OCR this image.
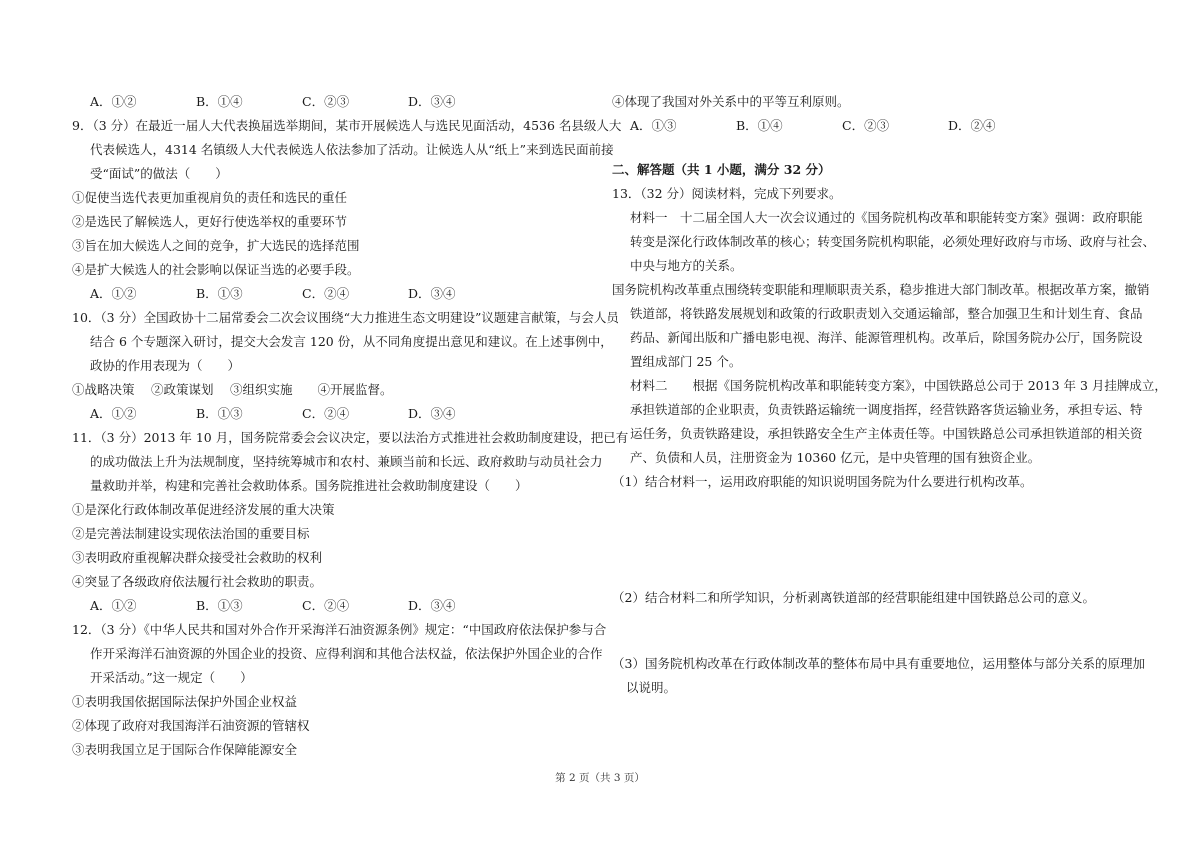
A．①②	B．①④	C．②③	D．③④
9．（3 分）在最近一届人大代表换届选举期间，某市开展候选人与选民见面活动，4536 名县级人大
代表候选人，4314 名镇级人大代表候选人依法参加了活动。让候选人从“纸上”来到选民面前接
受“面试”的做法（　　）
①促使当选代表更加重视肩负的责任和选民的重任
②是选民了解候选人，更好行使选举权的重要环节
③旨在加大候选人之间的竞争，扩大选民的选择范围
④是扩大候选人的社会影响以保证当选的必要手段。
A．①②	B．①③	C．②④	D．③④
10．（3 分）全国政协十二届常委会二次会议围绕“大力推进生态文明建设”议题建言献策，与会人员
结合 6 个专题深入研讨，提交大会发言 120 份，从不同角度提出意见和建议。在上述事例中，
政协的作用表现为（　　）
①战略决策　 ②政策谋划　 ③组织实施　　④开展监督。
A．①②	B．①③	C．②④	D．③④
11．（3 分）2013 年 10 月，国务院常委会会议决定，要以法治方式推进社会救助制度建设，把已有
的成功做法上升为法规制度，坚持统筹城市和农村、兼顾当前和长远、政府救助与动员社会力
量救助并举，构建和完善社会救助体系。国务院推进社会救助制度建设（　　）
①是深化行政体制改革促进经济发展的重大决策
②是完善法制建设实现依法治国的重要目标
③表明政府重视解决群众接受社会救助的权利
④突显了各级政府依法履行社会救助的职责。
A．①②	B．①③	C．②④	D．③④
12．（3 分）《中华人民共和国对外合作开采海洋石油资源条例》规定：“中国政府依法保护参与合
作开采海洋石油资源的外国企业的投资、应得利润和其他合法权益，依法保护外国企业的合作
开采活动。”这一规定（　　）
①表明我国依据国际法保护外国企业权益
②体现了政府对我国海洋石油资源的管辖权
③表明我国立足于国际合作保障能源安全
④体现了我国对外关系中的平等互利原则。
A．①③	B．①④	C．②③	D．②④
二、解答题（共 1 小题，满分 32 分）
13．（32 分）阅读材料，完成下列要求。
材料一　十二届全国人大一次会议通过的《国务院机构改革和职能转变方案》强调：政府职能
转变是深化行政体制改革的核心；转变国务院机构职能，必须处理好政府与市场、政府与社会、
中央与地方的关系。
国务院机构改革重点围绕转变职能和理顺职责关系，稳步推进大部门制改革。根据改革方案，撤销
铁道部，将铁路发展规划和政策的行政职责划入交通运输部，整合加强卫生和计划生育、食品
药品、新闻出版和广播电影电视、海洋、能源管理机构。改革后，除国务院办公厅，国务院设
置组成部门 25 个。
材料二　　根据《国务院机构改革和职能转变方案》，中国铁路总公司于 2013 年 3 月挂牌成立，
承担铁道部的企业职责，负责铁路运输统一调度指挥，经营铁路客货运输业务，承担专运、特
运任务，负责铁路建设，承担铁路安全生产主体责任等。中国铁路总公司承担铁道部的相关资
产、负债和人员，注册资金为 10360 亿元，是中央管理的国有独资企业。
（1）结合材料一，运用政府职能的知识说明国务院为什么要进行机构改革。
（2）结合材料二和所学知识，分析剥离铁道部的经营职能组建中国铁路总公司的意义。
（3）国务院机构改革在行政体制改革的整体布局中具有重要地位，运用整体与部分关系的原理加
以说明。
第 2 页（共 3 页）
